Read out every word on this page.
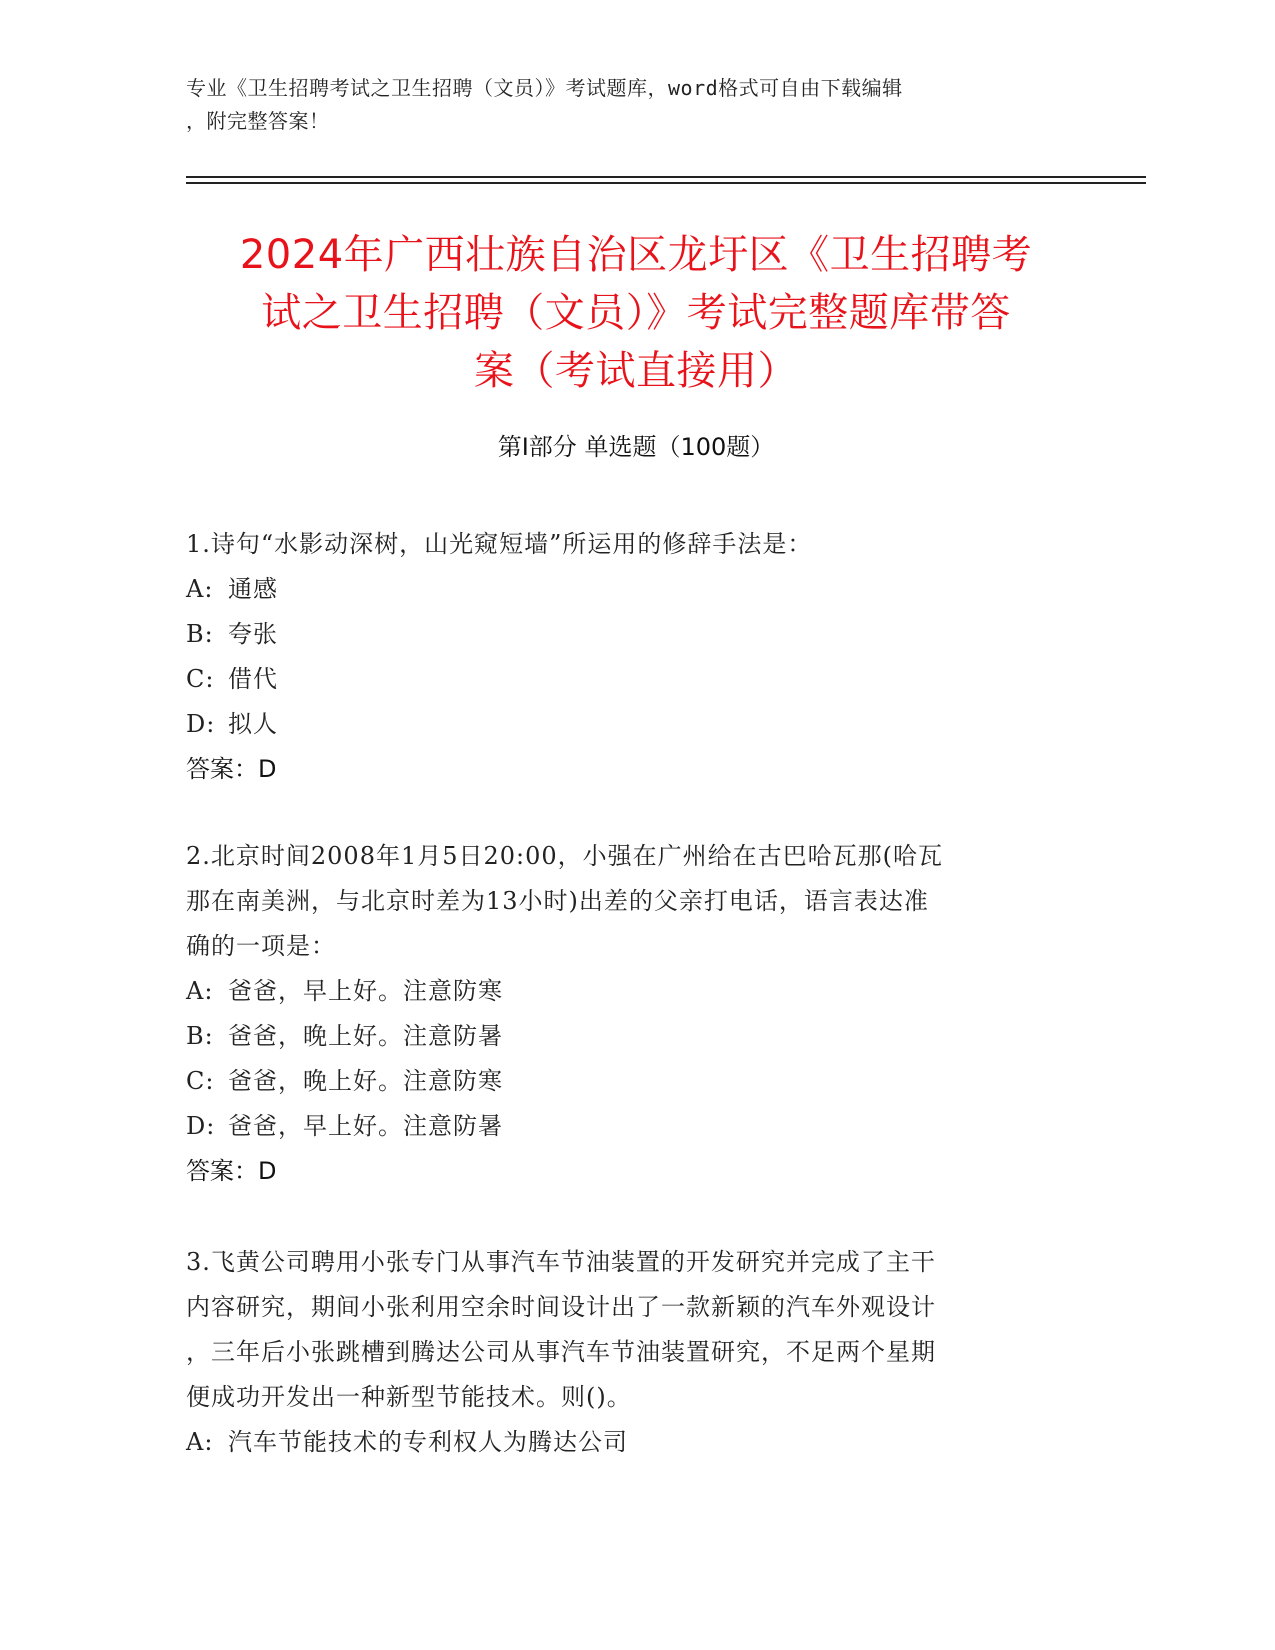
专业《卫生招聘考试之卫生招聘（文员）》考试题库，word格式可自由下载编辑
，附完整答案！
2024年广西壮族自治区龙圩区《卫生招聘考
试之卫生招聘（文员）》考试完整题库带答
案（考试直接用）
第Ⅰ部分 单选题（100题）

1.诗句“水影动深树，山光窥短墙”所运用的修辞手法是：

A: 通感

B: 夸张

C: 借代

D: 拟人

答案：D

2.北京时间2008年1月5日20:00，小强在广州给在古巴哈瓦那(哈瓦

那在南美洲，与北京时差为13小时)出差的父亲打电话，语言表达准

确的一项是：

A: 爸爸，早上好。注意防寒

B: 爸爸，晚上好。注意防暑

C: 爸爸，晚上好。注意防寒

D: 爸爸，早上好。注意防暑

答案：D

3.飞黄公司聘用小张专门从事汽车节油装置的开发研究并完成了主干

内容研究，期间小张利用空余时间设计出了一款新颖的汽车外观设计

，三年后小张跳槽到腾达公司从事汽车节油装置研究，不足两个星期

便成功开发出一种新型节能技术。则()。

A: 汽车节能技术的专利权人为腾达公司
